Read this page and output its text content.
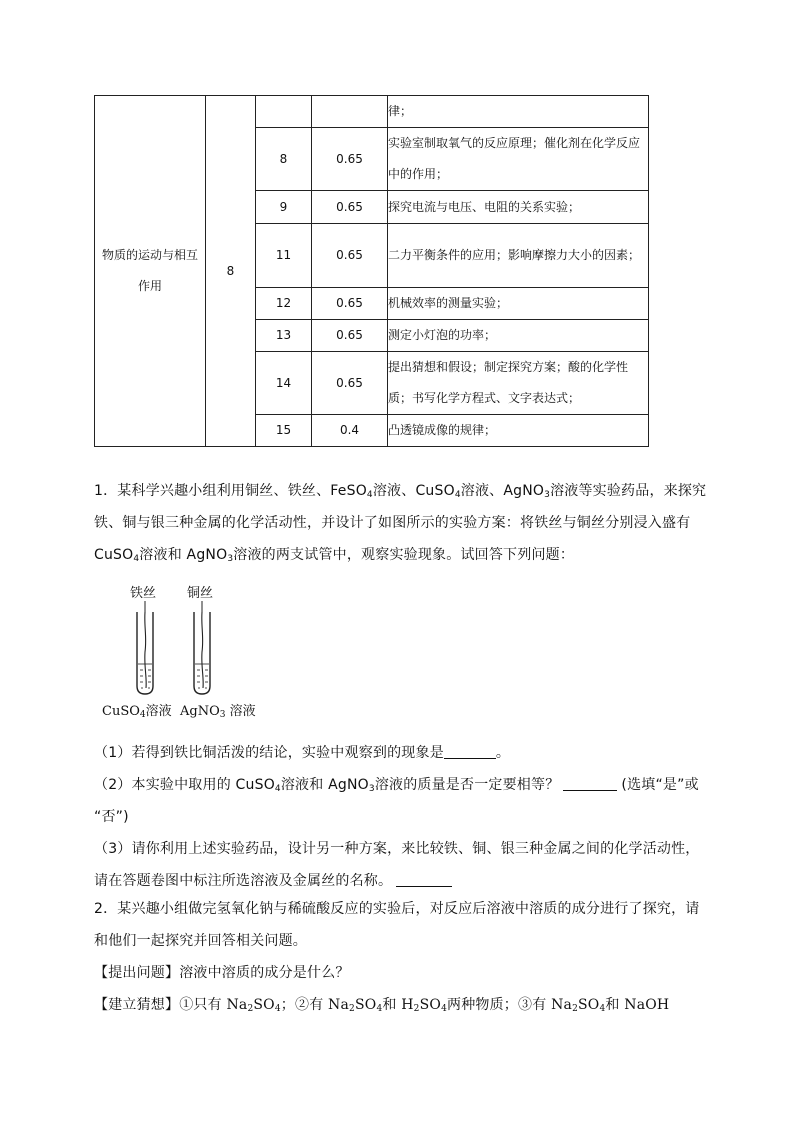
物质的运动与相互作用	8			律；
		8	0.65	实验室制取氧气的反应原理；催化剂在化学反应中的作用；
		9	0.65	探究电流与电压、电阻的关系实验；
		11	0.65	二力平衡条件的应用；影响摩擦力大小的因素；
		12	0.65	机械效率的测量实验；
		13	0.65	测定小灯泡的功率；
		14	0.65	提出猜想和假设；制定探究方案；酸的化学性质；书写化学方程式、文字表达式；
		15	0.4	凸透镜成像的规律；
1．某科学兴趣小组利用铜丝、铁丝、FeSO$_4$溶液、CuSO$_4$溶液、AgNO$_3$溶液等实验药品，来探究
铁、铜与银三种金属的化学活动性，并设计了如图所示的实验方案：将铁丝与铜丝分别浸入盛有
CuSO$_4$溶液和 AgNO$_3$溶液的两支试管中，观察实验现象。试回答下列问题：
铁丝 铜丝
CuSO$_4$溶液 AgNO$_3$ 溶液
（1）若得到铁比铜活泼的结论，实验中观察到的现象是	。
（2）本实验中取用的 CuSO$_4$溶液和 AgNO$_3$溶液的质量是否一定要相等？	(选填“是”或
“否”)
（3）请你利用上述实验药品，设计另一种方案，来比较铁、铜、银三种金属之间的化学活动性，
请在答题卷图中标注所选溶液及金属丝的名称。
2．某兴趣小组做完氢氧化钠与稀硫酸反应的实验后，对反应后溶液中溶质的成分进行了探究，请
和他们一起探究并回答相关问题。
【提出问题】溶液中溶质的成分是什么？
【建立猜想】①只有 $Na_2SO_4$；②有 $Na_2SO_4$和 $H_2SO_4$两种物质；③有 $Na_2SO_4$和 NaOH
